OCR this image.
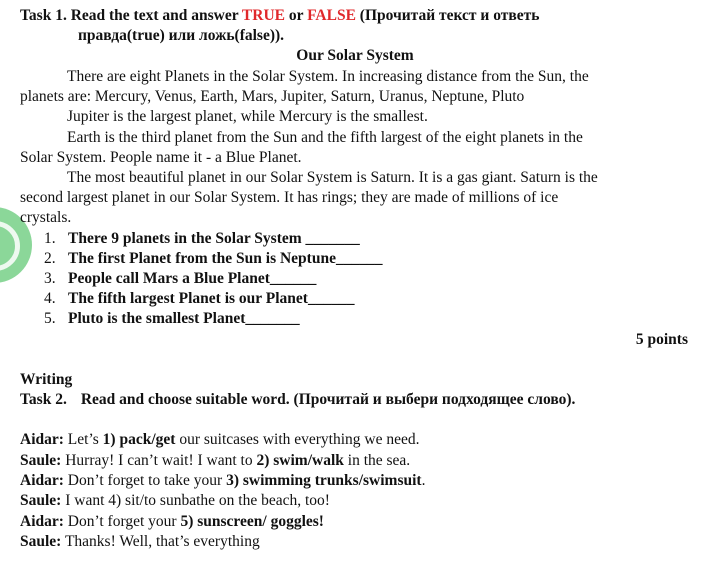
Task 1. Read the text and answer TRUE or FALSE (Прочитай текст и ответь
правда(true) или ложь(false)).
Our Solar System
There are eight Planets in the Solar System. In increasing distance from the Sun, the
planets are: Mercury, Venus, Earth, Mars, Jupiter, Saturn, Uranus, Neptune, Pluto
Jupiter is the largest planet, while Mercury is the smallest.
Earth is the third planet from the Sun and the fifth largest of the eight planets in the
Solar System. People name it - a Blue Planet.
The most beautiful planet in our Solar System is Saturn. It is a gas giant. Saturn is the
second largest planet in our Solar System. It has rings; they are made of millions of ice
crystals.
1. There 9 planets in the Solar System _______
2. The first Planet from the Sun is Neptune______
3. People call Mars a Blue Planet______
4. The fifth largest Planet is our Planet______
5. Pluto is the smallest Planet_______
5 points
Writing
Task 2. Read and choose suitable word. (Прочитай и выбери подходящее слово).
Aidar: Let’s 1) pack/get our suitcases with everything we need.
Saule: Hurray! I can’t wait! I want to 2) swim/walk in the sea.
Aidar: Don’t forget to take your 3) swimming trunks/swimsuit.
Saule: I want 4) sit/to sunbathe on the beach, too!
Aidar: Don’t forget your 5) sunscreen/ goggles!
Saule: Thanks! Well, that’s everything
